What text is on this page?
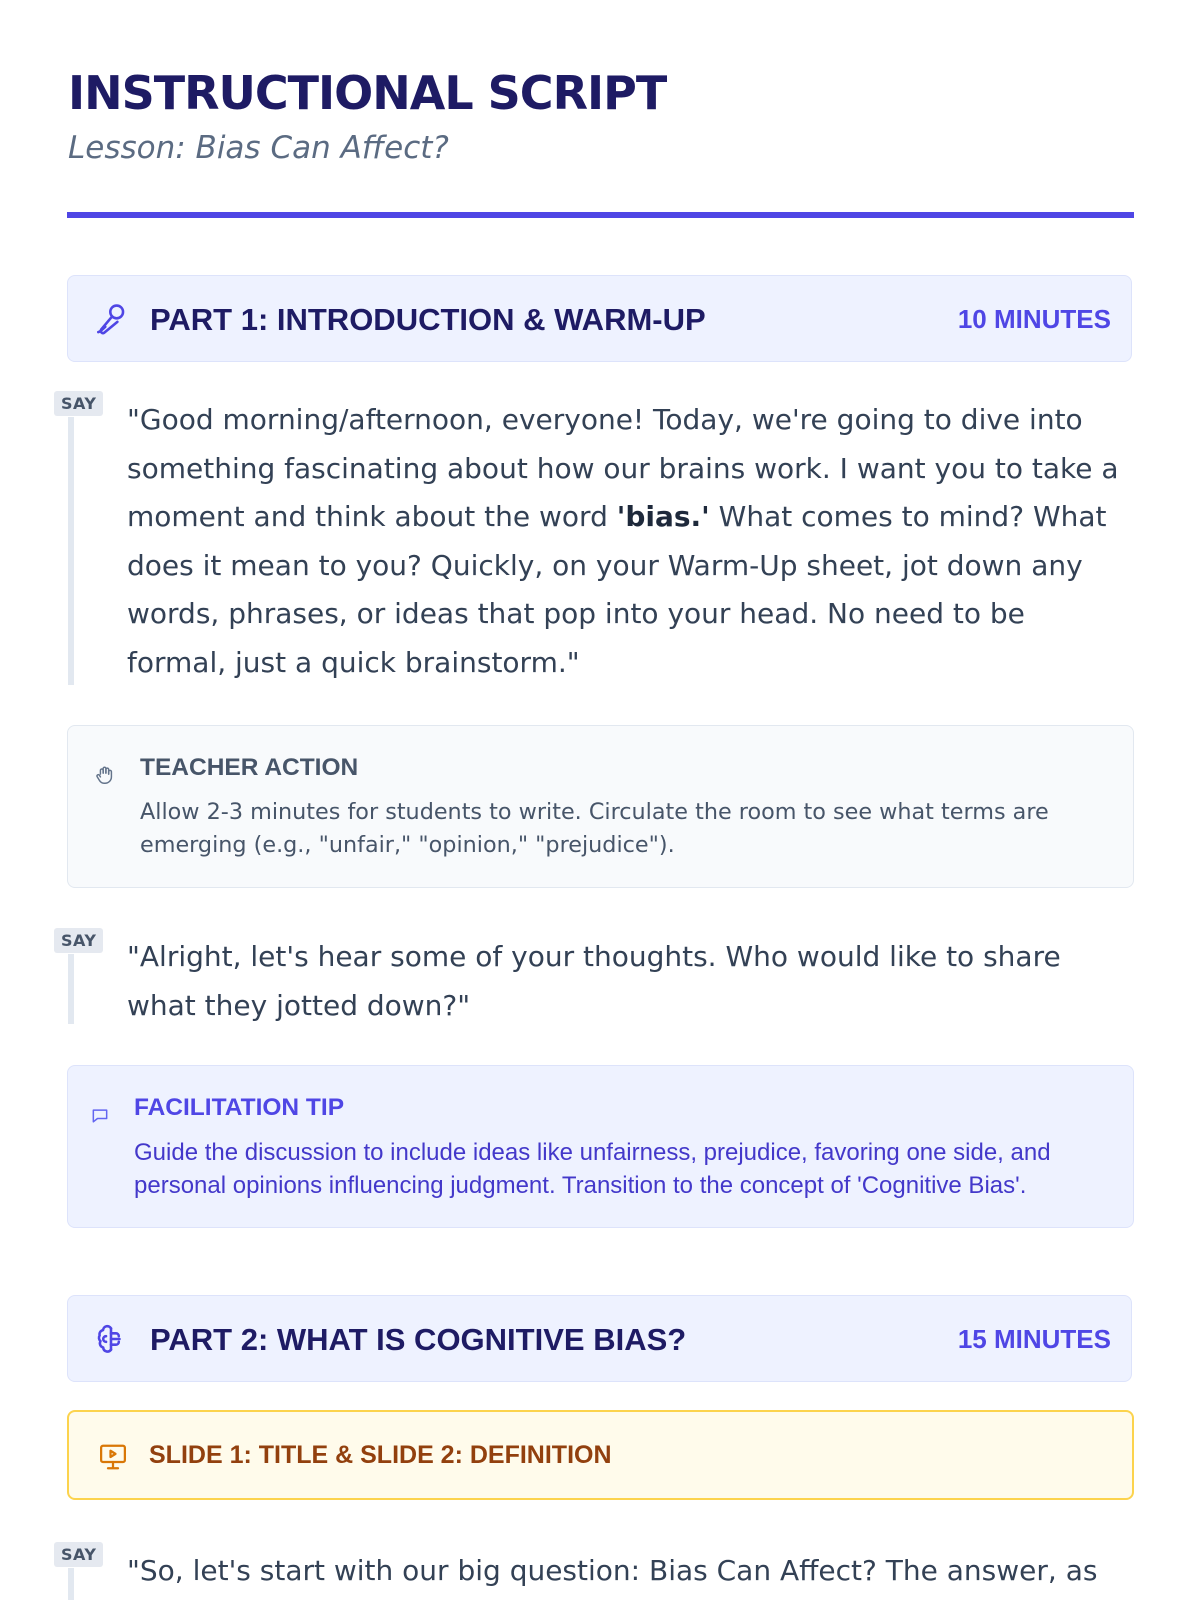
INSTRUCTIONAL SCRIPT

Lesson: Bias Can Affect?

PART 1: INTRODUCTION & WARM-UP	10 MINUTES
SAY "Good morning/afternoon, everyone! Today, we're going to dive into something fascinating about how our brains work. I want you to take a moment and think about the word 'bias.' What comes to mind? What does it mean to you? Quickly, on your Warm-Up sheet, jot down any words, phrases, or ideas that pop into your head. No need to be formal, just a quick brainstorm."

TEACHER ACTION

Allow 2-3 minutes for students to write. Circulate the room to see what terms are emerging (e.g., "unfair," "opinion," "prejudice").

SAY "Alright, let's hear some of your thoughts. Who would like to share what they jotted down?"

FACILITATION TIP

Guide the discussion to include ideas like unfairness, prejudice, favoring one side, and personal opinions influencing judgment. Transition to the concept of 'Cognitive Bias'.

PART 2: WHAT IS COGNITIVE BIAS?	15 MINUTES
SLIDE 1: TITLE & SLIDE 2: DEFINITION
SAY "So, let's start with our big question: Bias Can Affect? The answer, as
